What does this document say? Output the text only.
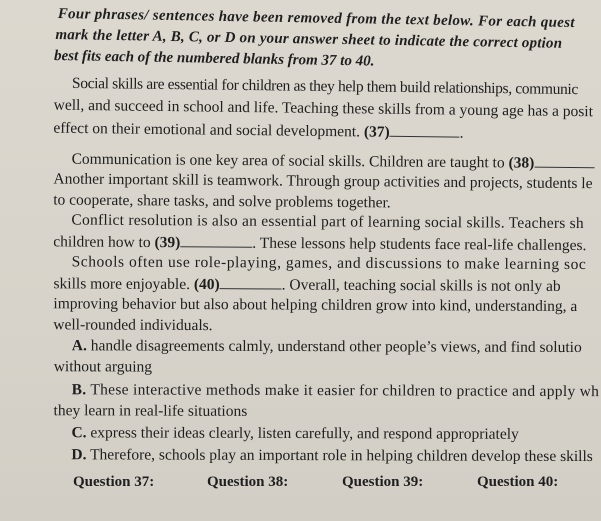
Four phrases/ sentences have been removed from the text below. For each quest
mark the letter A, B, C, or D on your answer sheet to indicate the correct option
best fits each of the numbered blanks from 37 to 40.
Social skills are essential for children as they help them build relationships, communic
well, and succeed in school and life. Teaching these skills from a young age has a posit
effect on their emotional and social development. (37)	.
Communication is one key area of social skills. Children are taught to (38)
Another important skill is teamwork. Through group activities and projects, students le
to cooperate, share tasks, and solve problems together.
Conflict resolution is also an essential part of learning social skills. Teachers sh
children how to (39)	. These lessons help students face real-life challenges.
Schools often use role-playing, games, and discussions to make learning soc
skills more enjoyable. (40)	. Overall, teaching social skills is not only ab
improving behavior but also about helping children grow into kind, understanding, a
well-rounded individuals.
A. handle disagreements calmly, understand other people’s views, and find solutio
without arguing
B. These interactive methods make it easier for children to practice and apply wh
they learn in real-life situations
C. express their ideas clearly, listen carefully, and respond appropriately
D. Therefore, schools play an important role in helping children develop these skills
Question 37:	Question 38:	Question 39:	Question 40:
